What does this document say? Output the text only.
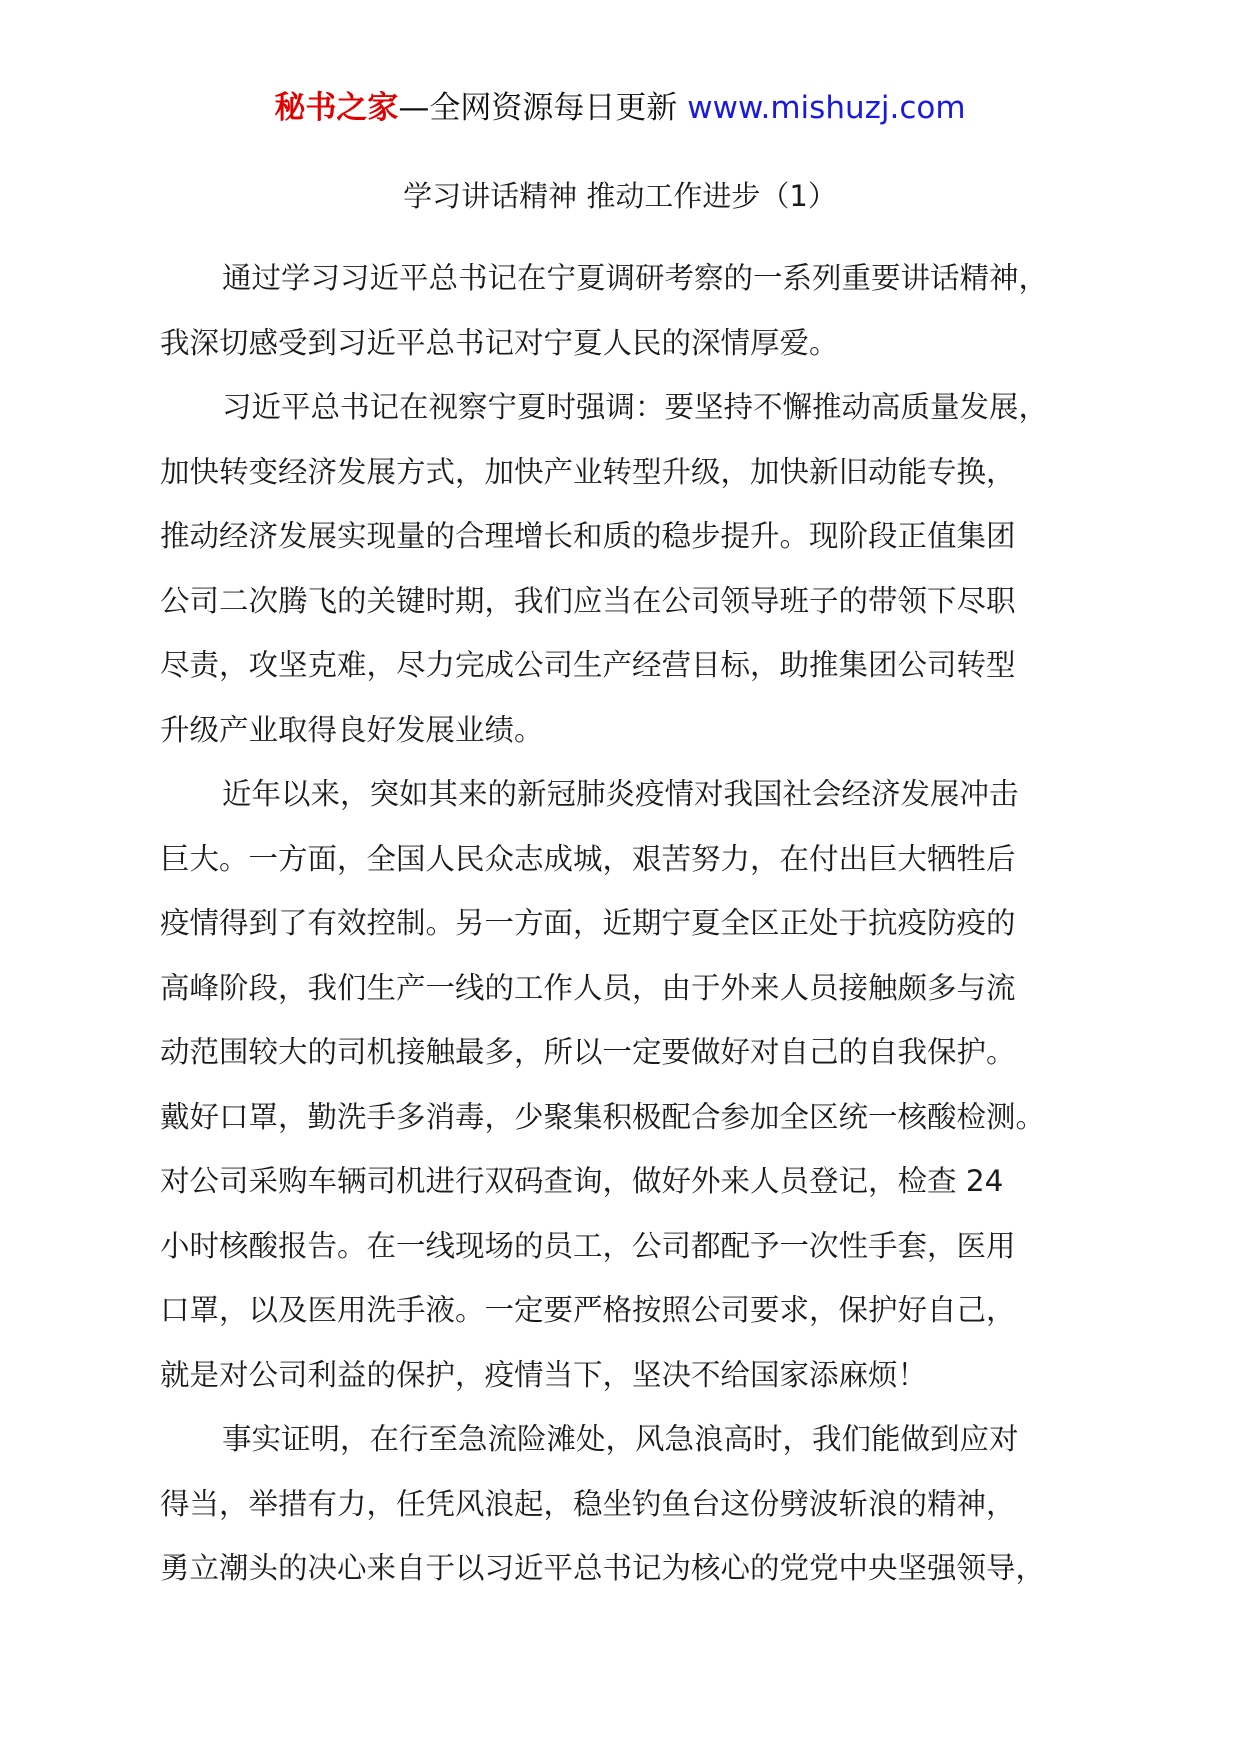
秘书之家—全网资源每日更新 www.mishuzj.com
学习讲话精神 推动工作进步（1）
通过学习习近平总书记在宁夏调研考察的一系列重要讲话精神，
我深切感受到习近平总书记对宁夏人民的深情厚爱。
习近平总书记在视察宁夏时强调：要坚持不懈推动高质量发展，
加快转变经济发展方式，加快产业转型升级，加快新旧动能专换，
推动经济发展实现量的合理增长和质的稳步提升。现阶段正值集团
公司二次腾飞的关键时期，我们应当在公司领导班子的带领下尽职
尽责，攻坚克难，尽力完成公司生产经营目标，助推集团公司转型
升级产业取得良好发展业绩。
近年以来，突如其来的新冠肺炎疫情对我国社会经济发展冲击
巨大。一方面，全国人民众志成城，艰苦努力，在付出巨大牺牲后
疫情得到了有效控制。另一方面，近期宁夏全区正处于抗疫防疫的
高峰阶段，我们生产一线的工作人员，由于外来人员接触颇多与流
动范围较大的司机接触最多，所以一定要做好对自己的自我保护。
戴好口罩，勤洗手多消毒，少聚集积极配合参加全区统一核酸检测。
对公司采购车辆司机进行双码查询，做好外来人员登记，检查 24
小时核酸报告。在一线现场的员工，公司都配予一次性手套，医用
口罩，以及医用洗手液。一定要严格按照公司要求，保护好自己，
就是对公司利益的保护，疫情当下，坚决不给国家添麻烦！
事实证明，在行至急流险滩处，风急浪高时，我们能做到应对
得当，举措有力，任凭风浪起，稳坐钓鱼台这份劈波斩浪的精神，
勇立潮头的决心来自于以习近平总书记为核心的党党中央坚强领导，
